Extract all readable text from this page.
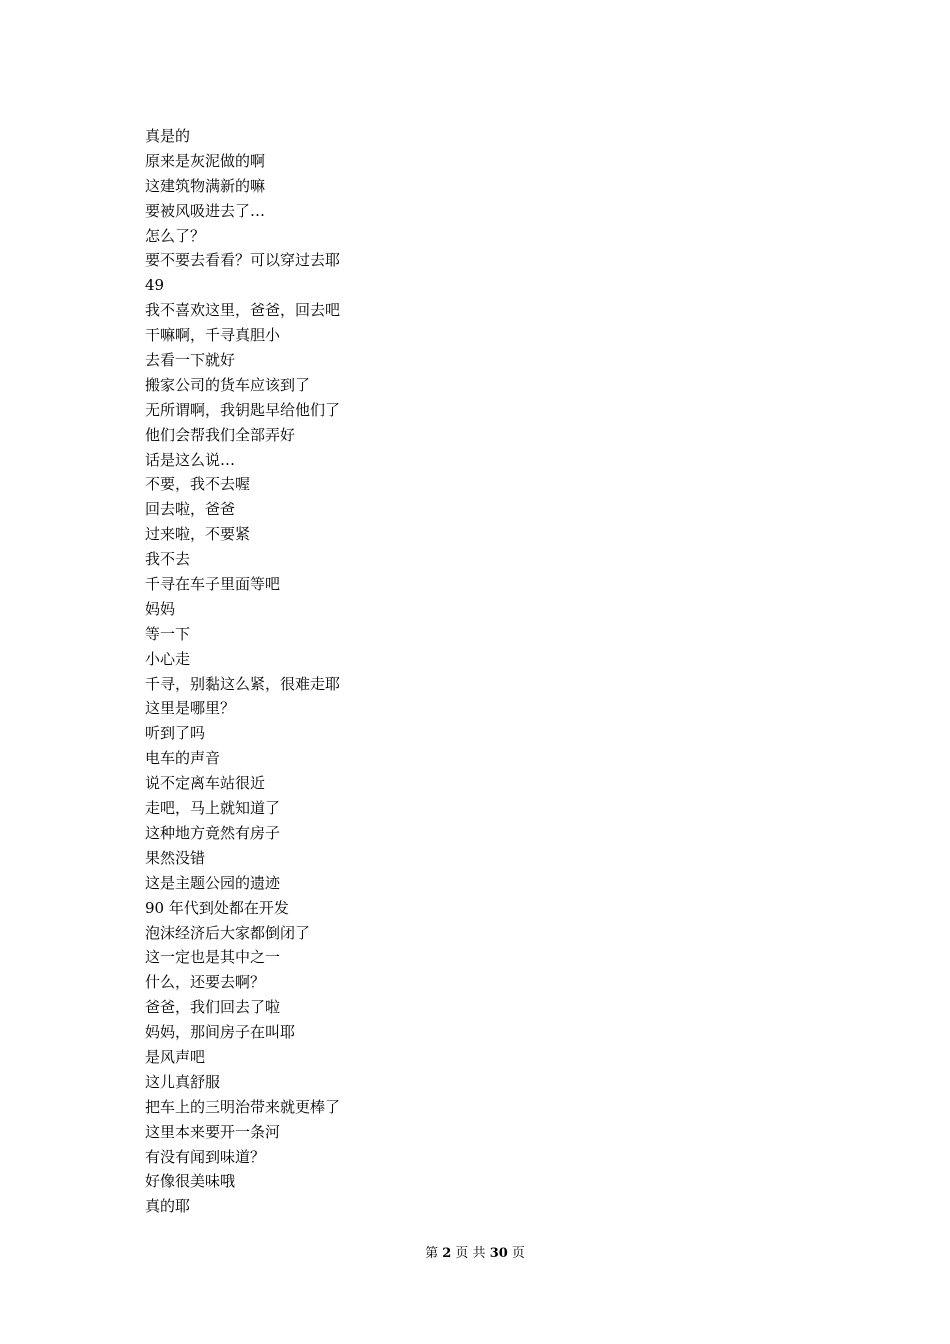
真是的
原来是灰泥做的啊
这建筑物满新的嘛
要被风吸进去了…
怎么了？
要不要去看看？可以穿过去耶
49
我不喜欢这里，爸爸，回去吧
干嘛啊，千寻真胆小
去看一下就好
搬家公司的货车应该到了
无所谓啊，我钥匙早给他们了
他们会帮我们全部弄好
话是这么说…
不要，我不去喔
回去啦，爸爸
过来啦，不要紧
我不去
千寻在车子里面等吧
妈妈
等一下
小心走
千寻，别黏这么紧，很难走耶
这里是哪里？
听到了吗
电车的声音
说不定离车站很近
走吧，马上就知道了
这种地方竟然有房子
果然没错
这是主题公园的遗迹
90 年代到处都在开发
泡沫经济后大家都倒闭了
这一定也是其中之一
什么，还要去啊？
爸爸，我们回去了啦
妈妈，那间房子在叫耶
是风声吧
这儿真舒服
把车上的三明治带来就更棒了
这里本来要开一条河
有没有闻到味道？
好像很美味哦
真的耶
第 2 页 共 30 页
